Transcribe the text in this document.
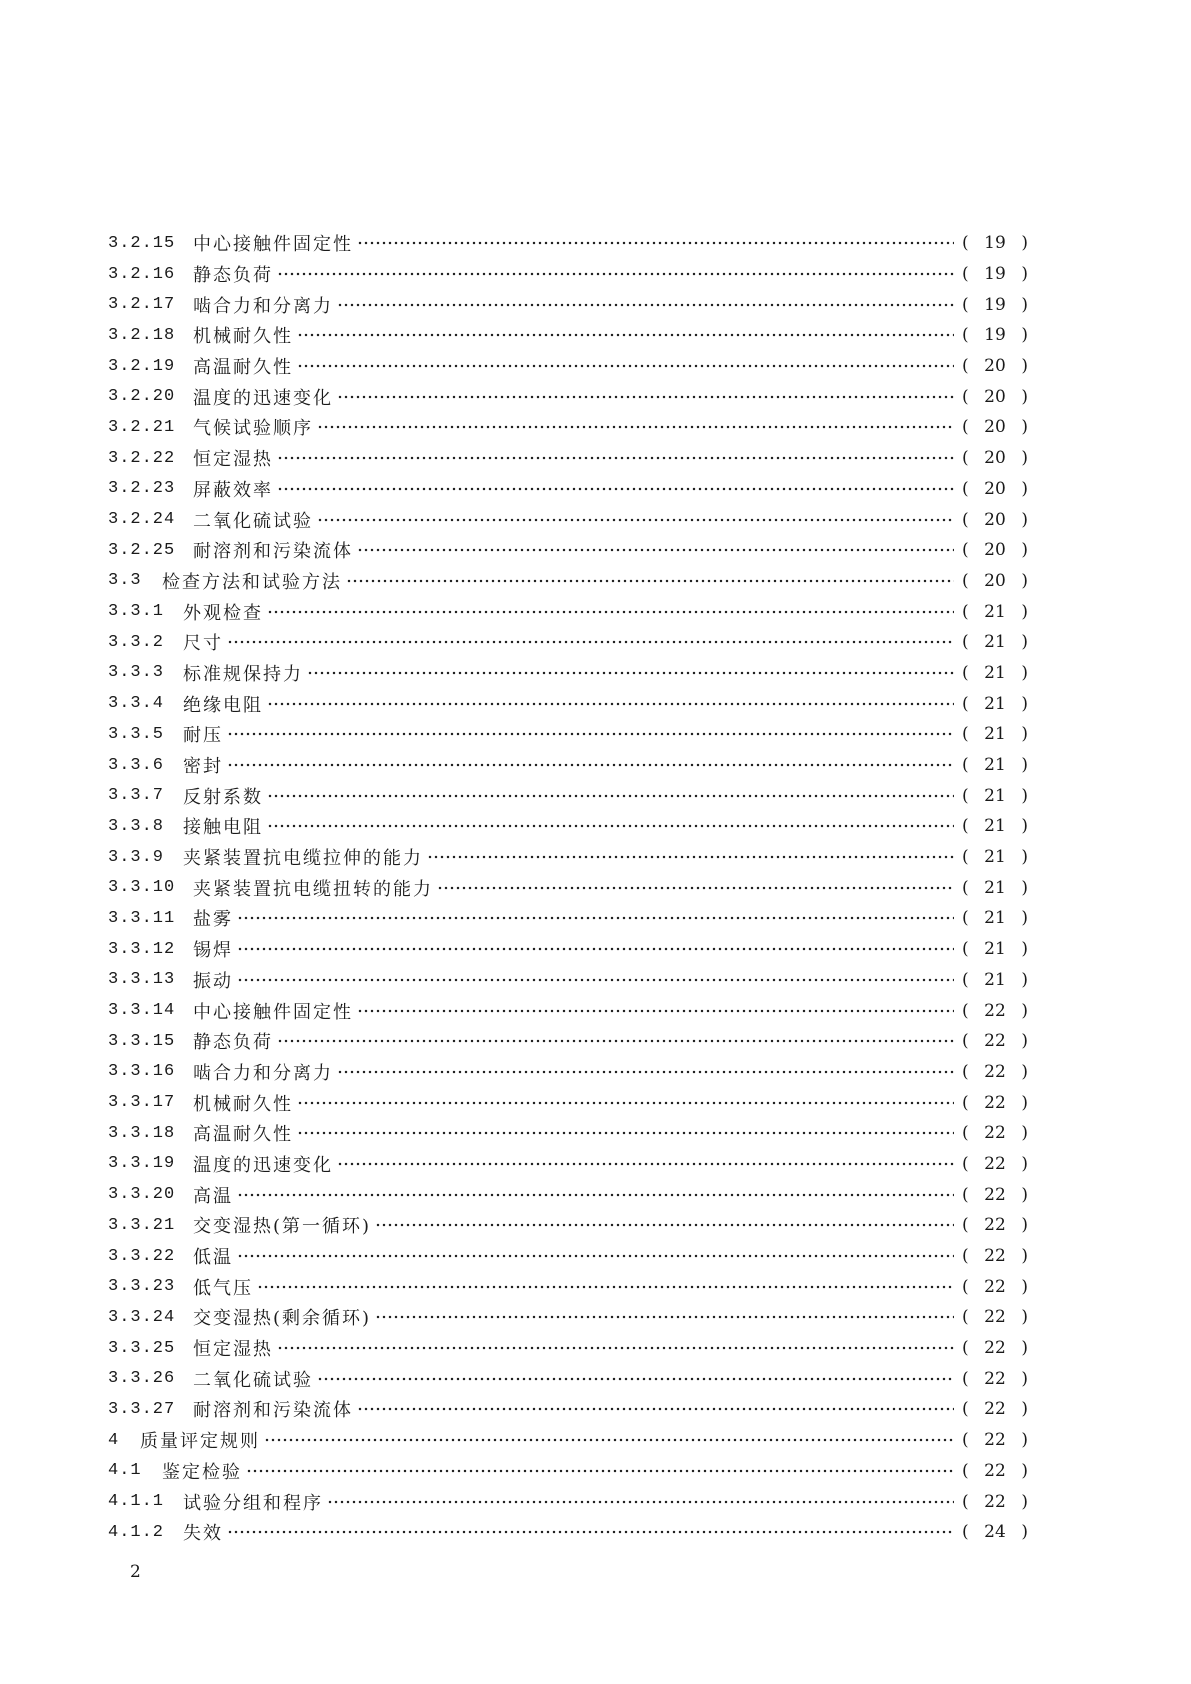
3.2.15 中心接触件固定性	( 19 )
3.2.16 静态负荷	( 19 )
3.2.17 啮合力和分离力	( 19 )
3.2.18 机械耐久性	( 19 )
3.2.19 高温耐久性	( 20 )
3.2.20 温度的迅速变化	( 20 )
3.2.21 气候试验顺序	( 20 )
3.2.22 恒定湿热	( 20 )
3.2.23 屏蔽效率	( 20 )
3.2.24 二氧化硫试验	( 20 )
3.2.25 耐溶剂和污染流体	( 20 )
3.3	检查方法和试验方法	( 20 )
3.3.1	外观检查	( 21 )
3.3.2	尺寸	( 21 )
3.3.3	标准规保持力	( 21 )
3.3.4	绝缘电阻	( 21 )
3.3.5	耐压	( 21 )
3.3.6	密封	( 21 )
3.3.7	反射系数	( 21 )
3.3.8	接触电阻	( 21 )
3.3.9	夹紧装置抗电缆拉伸的能力	( 21 )
3.3.10 夹紧装置抗电缆扭转的能力	( 21 )
3.3.11 盐雾	( 21 )
3.3.12 锡焊	( 21 )
3.3.13 振动	( 21 )
3.3.14 中心接触件固定性	( 22 )
3.3.15 静态负荷	( 22 )
3.3.16 啮合力和分离力	( 22 )
3.3.17 机械耐久性	( 22 )
3.3.18 高温耐久性	( 22 )
3.3.19 温度的迅速变化	( 22 )
3.3.20 高温	( 22 )
3.3.21 交变湿热(第一循环)	( 22 )
3.3.22 低温	( 22 )
3.3.23 低气压	( 22 )
3.3.24 交变湿热(剩余循环)	( 22 )
3.3.25 恒定湿热	( 22 )
3.3.26 二氧化硫试验	( 22 )
3.3.27 耐溶剂和污染流体	( 22 )
4	质量评定规则	( 22 )
4.1	鉴定检验	( 22 )
4.1.1	试验分组和程序	( 22 )
4.1.2	失效	( 24 )
2
